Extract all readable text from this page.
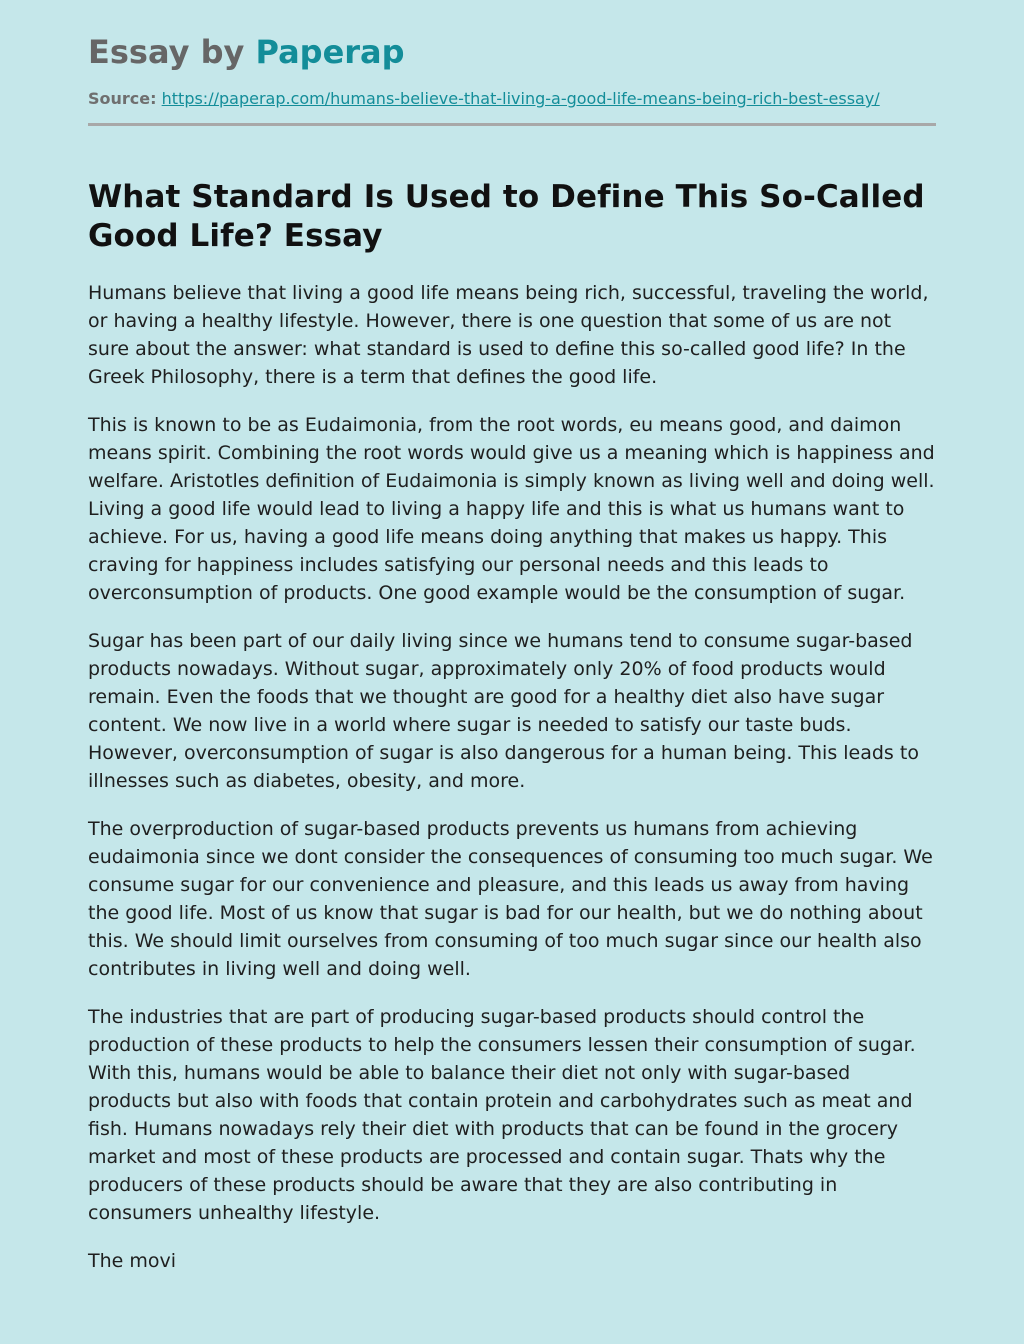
Essay by Paperap
Source: https://paperap.com/humans-believe-that-living-a-good-life-means-being-rich-best-essay/
What Standard Is Used to Define This So-Called Good Life? Essay

Humans believe that living a good life means being rich, successful, traveling the world, or having a healthy lifestyle. However, there is one question that some of us are not sure about the answer: what standard is used to define this so-called good life? In the Greek Philosophy, there is a term that defines the good life.

This is known to be as Eudaimonia, from the root words, eu means good, and daimon means spirit. Combining the root words would give us a meaning which is happiness and welfare. Aristotles definition of Eudaimonia is simply known as living well and doing well. Living a good life would lead to living a happy life and this is what us humans want to achieve. For us, having a good life means doing anything that makes us happy. This craving for happiness includes satisfying our personal needs and this leads to overconsumption of products. One good example would be the consumption of sugar.

Sugar has been part of our daily living since we humans tend to consume sugar-based products nowadays. Without sugar, approximately only 20% of food products would remain. Even the foods that we thought are good for a healthy diet also have sugar content. We now live in a world where sugar is needed to satisfy our taste buds. However, overconsumption of sugar is also dangerous for a human being. This leads to illnesses such as diabetes, obesity, and more.

The overproduction of sugar-based products prevents us humans from achieving eudaimonia since we dont consider the consequences of consuming too much sugar. We consume sugar for our convenience and pleasure, and this leads us away from having the good life. Most of us know that sugar is bad for our health, but we do nothing about this. We should limit ourselves from consuming of too much sugar since our health also contributes in living well and doing well.

The industries that are part of producing sugar-based products should control the production of these products to help the consumers lessen their consumption of sugar. With this, humans would be able to balance their diet not only with sugar-based products but also with foods that contain protein and carbohydrates such as meat and fish. Humans nowadays rely their diet with products that can be found in the grocery market and most of these products are processed and contain sugar. Thats why the producers of these products should be aware that they are also contributing in consumers unhealthy lifestyle.

The movi
